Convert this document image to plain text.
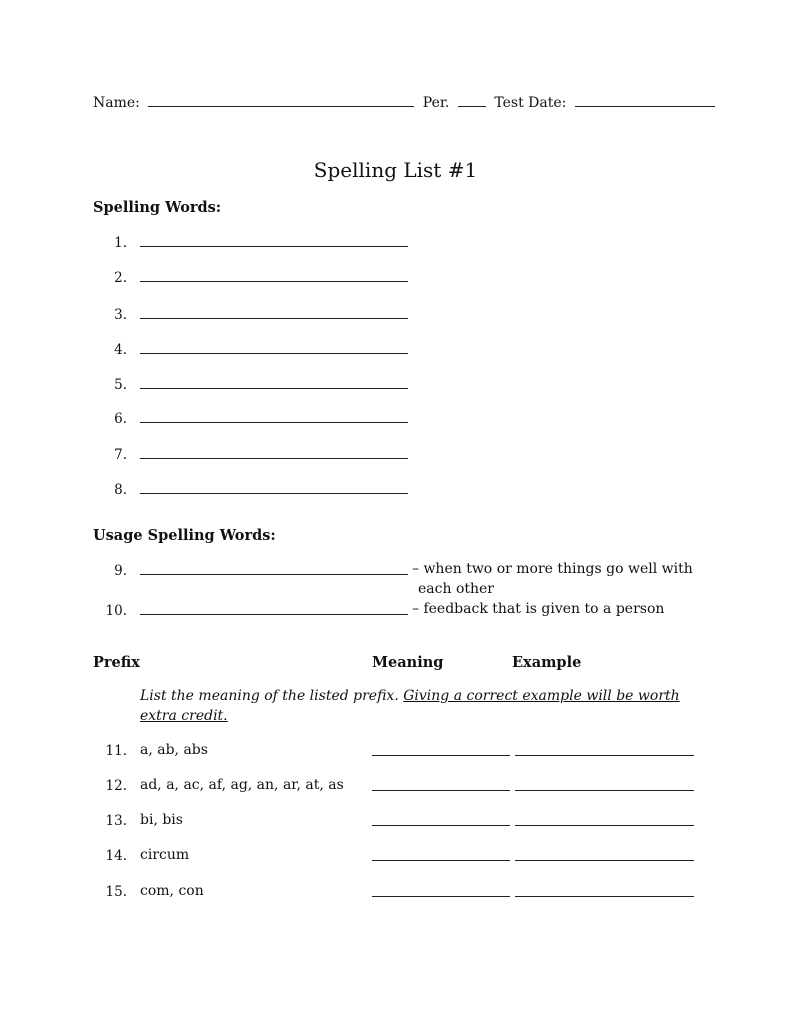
Name:	Per.	Test Date:
Spelling List #1
Spelling Words:
1.
2.
3.
4.
5.
6.
7.
8.
Usage Spelling Words:
9.	– when two or more things go well with
each other
10.	– feedback that is given to a person
Prefix	Meaning	Example
List the meaning of the listed prefix. Giving a correct example will be worth extra credit.
11. a, ab, abs
12. ad, a, ac, af, ag, an, ar, at, as
13. bi, bis
14. circum
15. com, con
